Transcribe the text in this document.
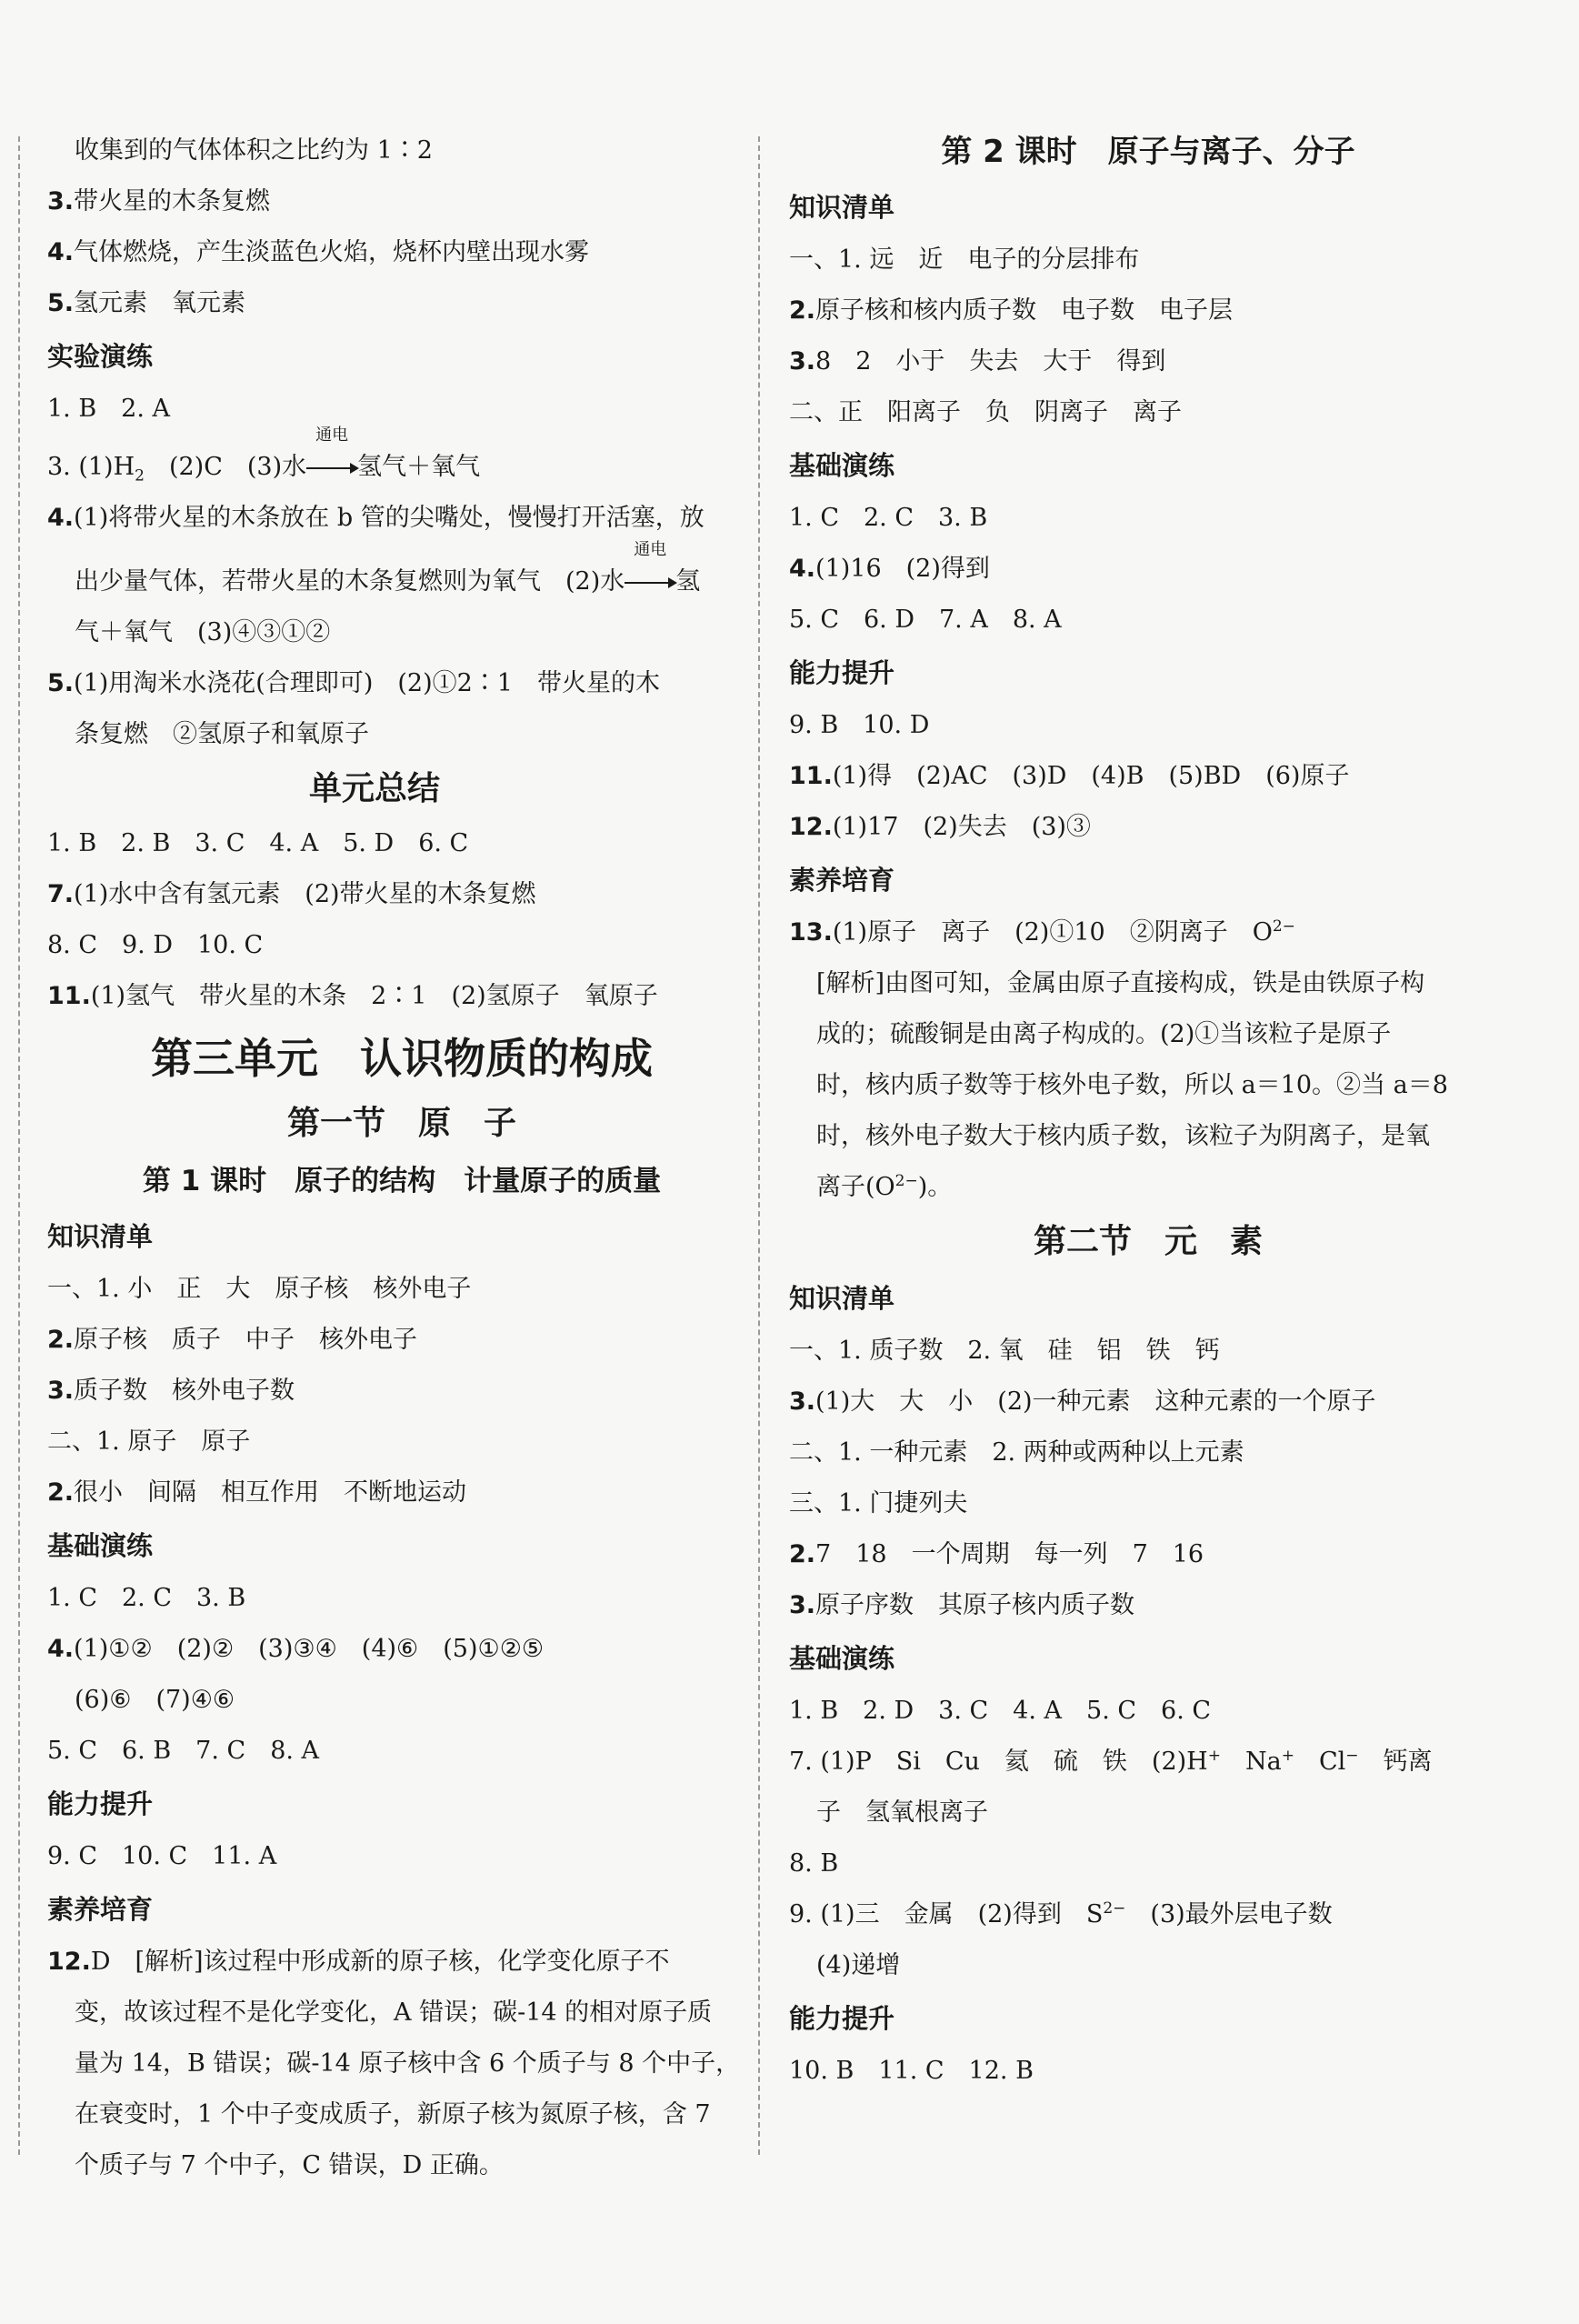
收集到的气体体积之比约为 1∶2
3.带火星的木条复燃
4.气体燃烧，产生淡蓝色火焰，烧杯内壁出现水雾
5.氢元素　氧元素
实验演练
1. B　2. A
3. $(1)H_2$　(2)C　(3)水
通电
氢气＋氧气
4.(1)将带火星的木条放在 b 管的尖嘴处，慢慢打开活塞，放
出少量气体，若带火星的木条复燃则为氧气　(2)水
通电
氢
气＋氧气　(3)④③①②
5.(1)用淘米水浇花(合理即可)　(2)①2∶1　带火星的木
条复燃　②氢原子和氧原子
单元总结
1. B　2. B　3. C　4. A　5. D　6. C
7.(1)水中含有氢元素　(2)带火星的木条复燃
8. C　9. D　10. C
11.(1)氢气　带火星的木条　2∶1　(2)氢原子　氧原子
第三单元　认识物质的构成
第一节　原　子
第 1 课时　原子的结构　计量原子的质量
知识清单
一、1. 小　正　大　原子核　核外电子
2.原子核　质子　中子　核外电子
3.质子数　核外电子数
二、1. 原子　原子
2.很小　间隔　相互作用　不断地运动
基础演练
1. C　2. C　3. B
4.(1)①②　(2)②　(3)③④　(4)⑥　(5)①②⑤
(6)⑥　(7)④⑥
5. C　6. B　7. C　8. A
能力提升
9. C　10. C　11. A
素养培育
12.D　[解析]该过程中形成新的原子核，化学变化原子不
变，故该过程不是化学变化，A 错误；碳-14 的相对原子质
量为 14，B 错误；碳-14 原子核中含 6 个质子与 8 个中子，
在衰变时，1 个中子变成质子，新原子核为氮原子核，含 7
个质子与 7 个中子，C 错误，D 正确。
第 2 课时　原子与离子、分子
知识清单
一、1. 远　近　电子的分层排布
2.原子核和核内质子数　电子数　电子层
3.8　2　小于　失去　大于　得到
二、正　阳离子　负　阴离子　离子
基础演练
1. C　2. C　3. B
4.(1)16　(2)得到
5. C　6. D　7. A　8. A
能力提升
9. B　10. D
11.(1)得　(2)AC　(3)D　(4)B　(5)BD　(6)原子
12.(1)17　(2)失去　(3)③
素养培育
13.(1)原子　离子　(2)①10　②阴离子　$O^{2-}$
[解析]由图可知，金属由原子直接构成，铁是由铁原子构
成的；硫酸铜是由离子构成的。(2)①当该粒子是原子
时，核内质子数等于核外电子数，所以 a＝10。②当 a＝8
时，核外电子数大于核内质子数，该粒子为阴离子，是氧
离子$(O^{2-})$。
第二节　元　素
知识清单
一、1. 质子数　2. 氧　硅　铝　铁　钙
3.(1)大　大　小　(2)一种元素　这种元素的一个原子
二、1. 一种元素　2. 两种或两种以上元素
三、1. 门捷列夫
2.7　18　一个周期　每一列　7　16
3.原子序数　其原子核内质子数
基础演练
1. B　2. D　3. C　4. A　5. C　6. C
7. (1)P　Si　Cu　氦　硫　铁　(2)H+　Na+　Cl−　钙离
子　氢氧根离子
8. B
9. (1)三　金属　(2)得到　$S^{2-}$　(3)最外层电子数
(4)递增
能力提升
10. B　11. C　12. B
